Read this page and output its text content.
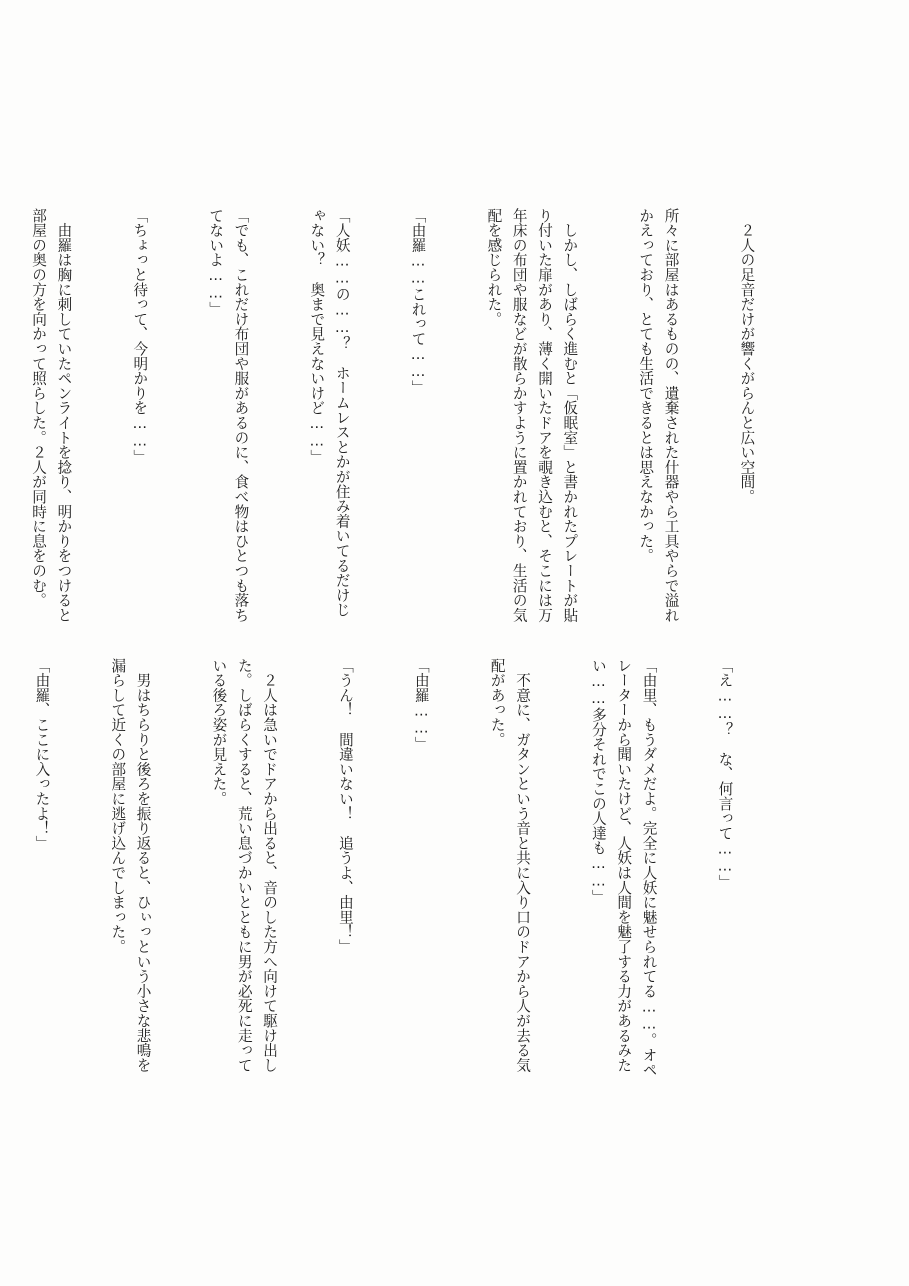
　２人の足音だけが響くがらんと広い空間。

所々に部屋はあるものの、遺棄された什器やら工具やらで溢れかえっており、とても生活できるとは思えなかった。

　しかし、しばらく進むと「仮眠室」と書かれたプレートが貼り付いた扉があり、薄く開いたドアを覗き込むと、そこには万年床の布団や服などが散らかすように置かれており、生活の気配を感じられた。

「由羅……これって……」

「人妖……の……？　ホームレスとかが住み着いてるだけじゃない？　奥まで見えないけど……」

「でも、これだけ布団や服があるのに、食べ物はひとつも落ちてないよ……」

「ちょっと待って、今明かりを……」

　由羅は胸に刺していたペンライトを捻り、明かりをつけると部屋の奥の方を向かって照らした。２人が同時に息をのむ。

「え……？　な、何言って……」

「由里、もうダメだよ。完全に人妖に魅せられてる……。オペレーターから聞いたけど、人妖は人間を魅了する力があるみたい……多分それでこの人達も……」

　不意に、ガタンという音と共に入り口のドアから人が去る気配があった。

「由羅……」

「うん！　間違いない！　追うよ、由里！」

　２人は急いでドアから出ると、音のした方へ向けて駆け出した。しばらくすると、荒い息づかいとともに男が必死に走っている後ろ姿が見えた。

　男はちらりと後ろを振り返ると、ひぃっという小さな悲鳴を漏らして近くの部屋に逃げ込んでしまった。

「由羅、ここに入ったよ！」
